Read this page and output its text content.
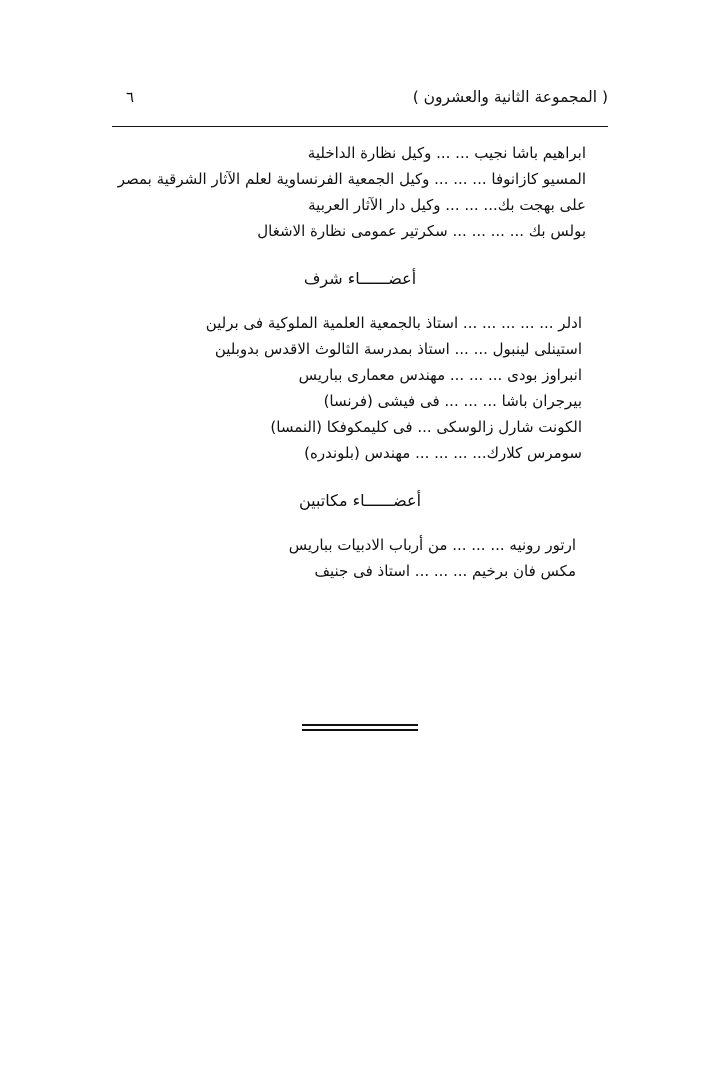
( المجموعة الثانية والعشرون )
٦

ابراهيم باشا نجيب ... ... وكيل نظارة الداخلية

المسيو كازانوفا ... ... ... وكيل الجمعية الفرنساوية لعلم الآثار الشرقية بمصر

على بهجت بك... ... ... وكيل دار الآثار العربية

بولس بك ... ... ... ... سكرتير عمومى نظارة الاشغال

أعضــــــاء شرف

ادلر ... ... ... ... ... استاذ بالجمعية العلمية الملوكية فى برلين

استينلى لينبول ... ... استاذ بمدرسة الثالوث الاقدس بدوبلين

انبراوز بودى ... ... ... مهندس معمارى بباريس

بيرجران باشا ... ... ... فى فيشى (فرنسا)

الكونت شارل زالوسكى ... فى كليمكوفكا (النمسا)

سومرس كلارك... ... ... ... مهندس (بلوندره)

أعضــــــاء مكاتبين

ارتور رونيه ... ... ... من أرباب الادبيات بباريس

مكس فان برخيم ... ... ... استاذ فى جنيف
